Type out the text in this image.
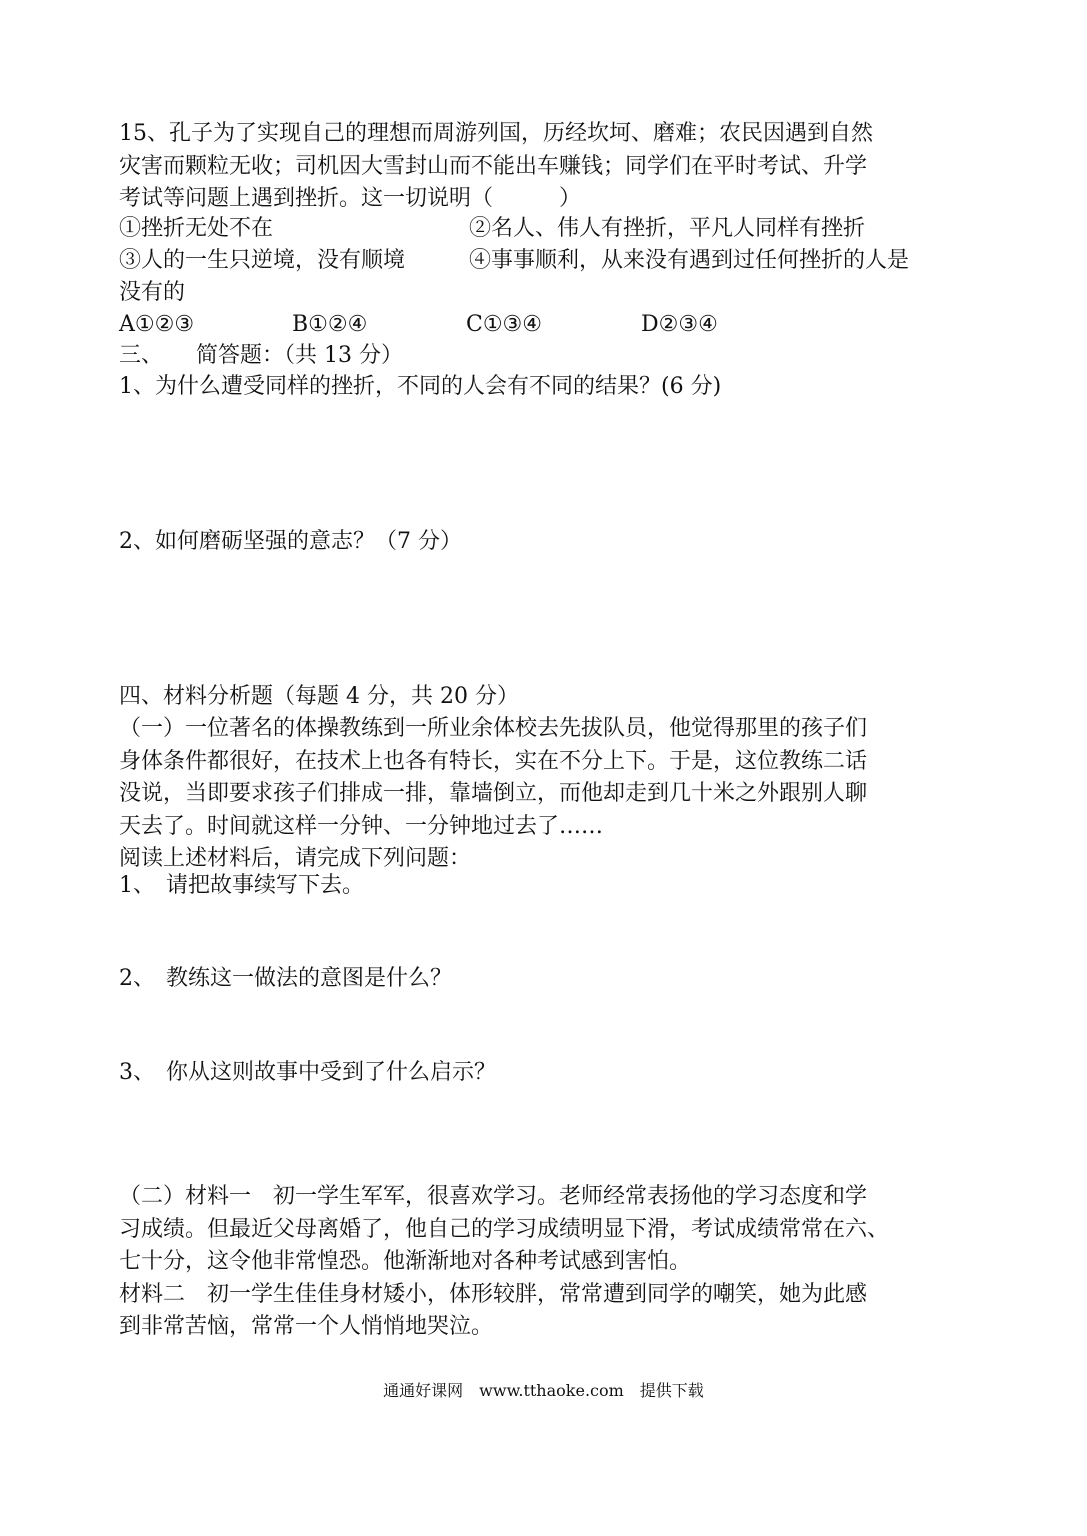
15、孔子为了实现自己的理想而周游列国，历经坎坷、磨难；农民因遇到自然
灾害而颗粒无收；司机因大雪封山而不能出车赚钱；同学们在平时考试、升学
考试等问题上遇到挫折。这一切说明（　　　）
①挫折无处不在	②名人、伟人有挫折，平凡人同样有挫折
③人的一生只逆境，没有顺境	④事事顺利，从来没有遇到过任何挫折的人是
没有的
A①②③	B①②④	C①③④	D②③④
三、　　简答题：（共 13 分）
1、为什么遭受同样的挫折，不同的人会有不同的结果？(6 分)
2、如何磨砺坚强的意志？（7 分）
四、材料分析题（每题 4 分，共 20 分）
（一）一位著名的体操教练到一所业余体校去先拔队员，他觉得那里的孩子们
身体条件都很好，在技术上也各有特长，实在不分上下。于是，这位教练二话
没说，当即要求孩子们排成一排，靠墙倒立，而他却走到几十米之外跟别人聊
天去了。时间就这样一分钟、一分钟地过去了……
阅读上述材料后，请完成下列问题：
1、　请把故事续写下去。
2、　教练这一做法的意图是什么？
3、　你从这则故事中受到了什么启示？
（二）材料一　初一学生军军，很喜欢学习。老师经常表扬他的学习态度和学
习成绩。但最近父母离婚了，他自己的学习成绩明显下滑，考试成绩常常在六、
七十分，这令他非常惶恐。他渐渐地对各种考试感到害怕。
材料二　初一学生佳佳身材矮小，体形较胖，常常遭到同学的嘲笑，她为此感
到非常苦恼，常常一个人悄悄地哭泣。
通通好课网　www.tthaoke.com　提供下载
